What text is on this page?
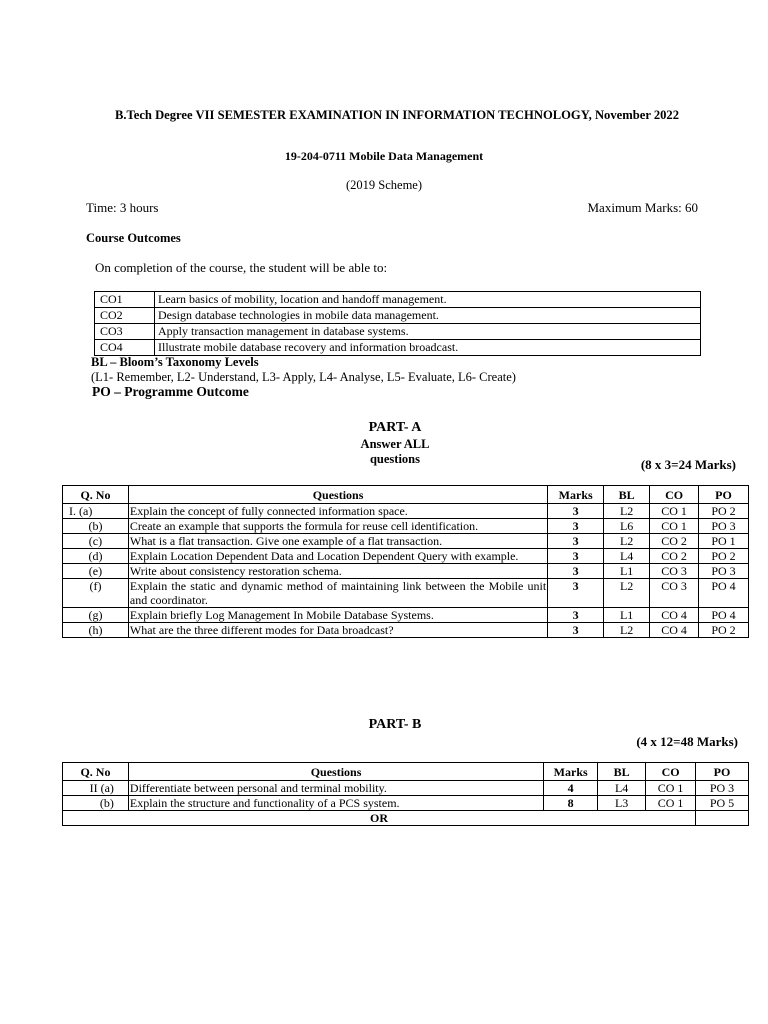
B.Tech Degree VII SEMESTER EXAMINATION IN INFORMATION TECHNOLOGY, November 2022
19-204-0711 Mobile Data Management
(2019 Scheme)
Time: 3 hours	Maximum Marks: 60
Course Outcomes
On completion of the course, the student will be able to:
CO1	Learn basics of mobility, location and handoff management.
CO2	Design database technologies in mobile data management.
CO3	Apply transaction management in database systems.
CO4	Illustrate mobile database recovery and information broadcast.
BL – Bloom’s Taxonomy Levels
(L1- Remember, L2- Understand, L3- Apply, L4- Analyse, L5- Evaluate, L6- Create)
PO – Programme Outcome
PART- A
Answer ALL
questions	(8 x 3=24 Marks)
Q. No	Questions	Marks	BL	CO	PO
I. (a)	Explain the concept of fully connected information space.	3	L2	CO 1	PO 2
(b)	Create an example that supports the formula for reuse cell identification.	3	L6	CO 1	PO 3
(c)	What is a flat transaction. Give one example of a flat transaction.	3	L2	CO 2	PO 1
(d)	Explain Location Dependent Data and Location Dependent Query with example.	3	L4	CO 2	PO 2
(e)	Write about consistency restoration schema.	3	L1	CO 3	PO 3
(f)	Explain the static and dynamic method of maintaining link between the Mobile unit and coordinator.	3	L2	CO 3	PO 4
(g)	Explain briefly Log Management In Mobile Database Systems.	3	L1	CO 4	PO 4
(h)	What are the three different modes for Data broadcast?	3	L2	CO 4	PO 2
PART- B
(4 x 12=48 Marks)
Q. No	Questions	Marks	BL	CO	PO
II (a)	Differentiate between personal and terminal mobility.	4	L4	CO 1	PO 3
(b)	Explain the structure and functionality of a PCS system.	8	L3	CO 1	PO 5
OR					
